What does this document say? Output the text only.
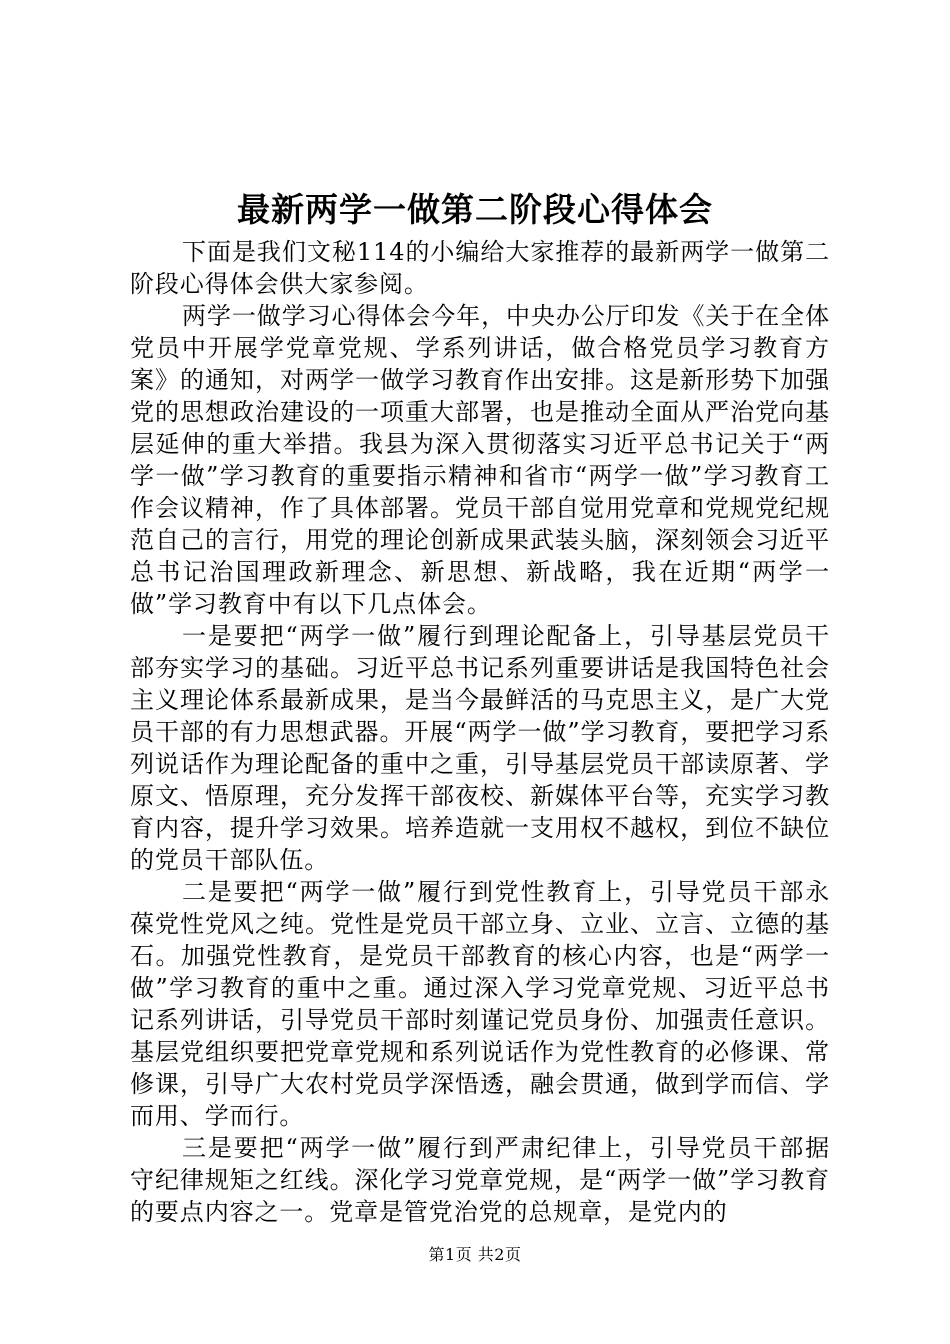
最新两学一做第二阶段心得体会

下面是我们文秘114的小编给大家推荐的最新两学一做第二阶段心得体会供大家参阅。

两学一做学习心得体会今年，中央办公厅印发《关于在全体党员中开展学党章党规、学系列讲话，做合格党员学习教育方案》的通知，对两学一做学习教育作出安排。这是新形势下加强党的思想政治建设的一项重大部署，也是推动全面从严治党向基层延伸的重大举措。我县为深入贯彻落实习近平总书记关于“两学一做”学习教育的重要指示精神和省市“两学一做”学习教育工作会议精神，作了具体部署。党员干部自觉用党章和党规党纪规范自己的言行，用党的理论创新成果武装头脑，深刻领会习近平总书记治国理政新理念、新思想、新战略，我在近期“两学一做”学习教育中有以下几点体会。

一是要把“两学一做”履行到理论配备上，引导基层党员干部夯实学习的基础。习近平总书记系列重要讲话是我国特色社会主义理论体系最新成果，是当今最鲜活的马克思主义，是广大党员干部的有力思想武器。开展“两学一做”学习教育，要把学习系列说话作为理论配备的重中之重，引导基层党员干部读原著、学原文、悟原理，充分发挥干部夜校、新媒体平台等，充实学习教育内容，提升学习效果。培养造就一支用权不越权，到位不缺位的党员干部队伍。

二是要把“两学一做”履行到党性教育上，引导党员干部永葆党性党风之纯。党性是党员干部立身、立业、立言、立德的基石。加强党性教育，是党员干部教育的核心内容，也是“两学一做”学习教育的重中之重。通过深入学习党章党规、习近平总书记系列讲话，引导党员干部时刻谨记党员身份、加强责任意识。基层党组织要把党章党规和系列说话作为党性教育的必修课、常修课，引导广大农村党员学深悟透，融会贯通，做到学而信、学而用、学而行。

三是要把“两学一做”履行到严肃纪律上，引导党员干部据守纪律规矩之红线。深化学习党章党规，是“两学一做”学习教育的要点内容之一。党章是管党治党的总规章，是党内的

第1页 共2页
